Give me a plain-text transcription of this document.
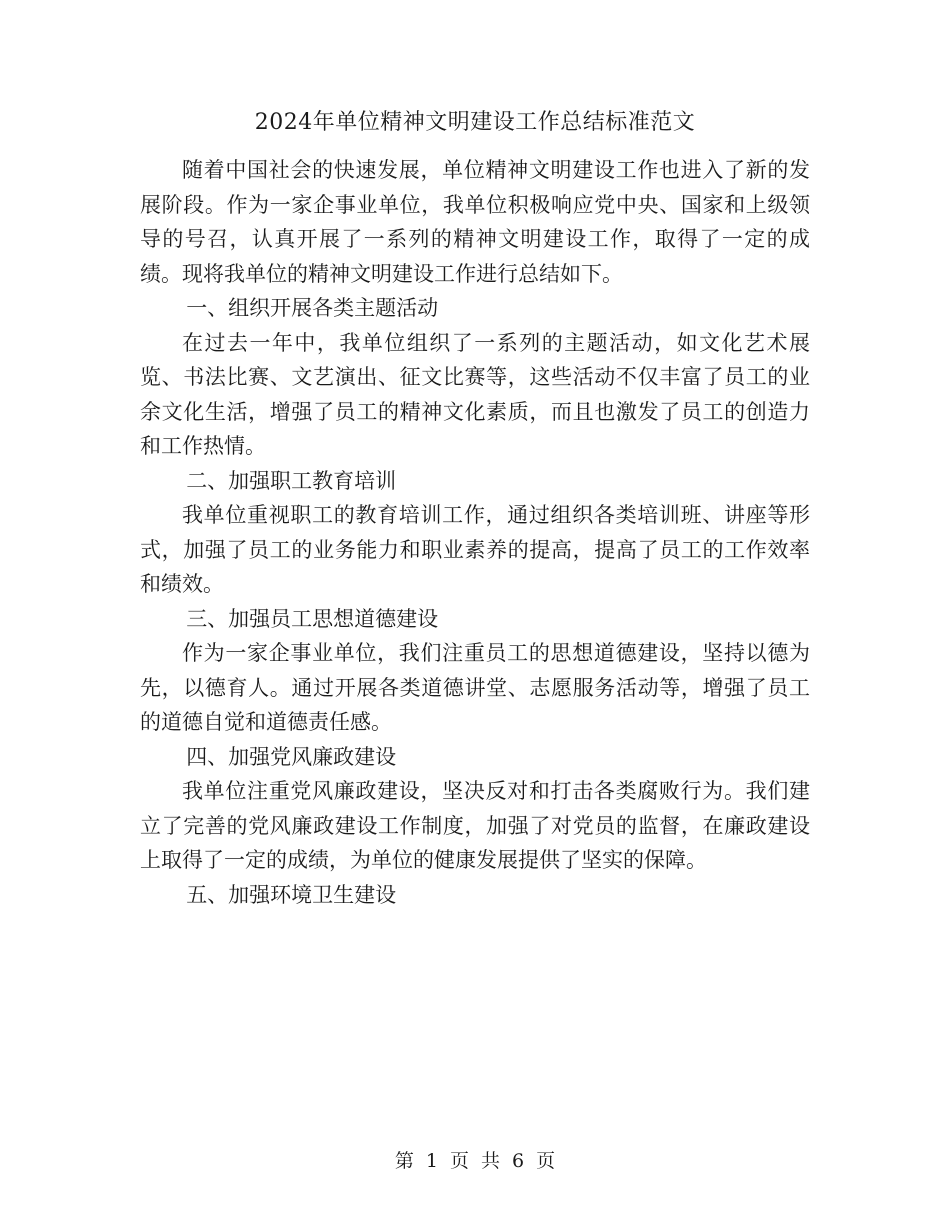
2024年单位精神文明建设工作总结标准范文

随着中国社会的快速发展，单位精神文明建设工作也进入了新的发展阶段。作为一家企事业单位，我单位积极响应党中央、国家和上级领导的号召，认真开展了一系列的精神文明建设工作，取得了一定的成绩。现将我单位的精神文明建设工作进行总结如下。

一、组织开展各类主题活动

在过去一年中，我单位组织了一系列的主题活动，如文化艺术展览、书法比赛、文艺演出、征文比赛等，这些活动不仅丰富了员工的业余文化生活，增强了员工的精神文化素质，而且也激发了员工的创造力和工作热情。

二、加强职工教育培训

我单位重视职工的教育培训工作，通过组织各类培训班、讲座等形式，加强了员工的业务能力和职业素养的提高，提高了员工的工作效率和绩效。

三、加强员工思想道德建设

作为一家企事业单位，我们注重员工的思想道德建设，坚持以德为先，以德育人。通过开展各类道德讲堂、志愿服务活动等，增强了员工的道德自觉和道德责任感。

四、加强党风廉政建设

我单位注重党风廉政建设，坚决反对和打击各类腐败行为。我们建立了完善的党风廉政建设工作制度，加强了对党员的监督，在廉政建设上取得了一定的成绩，为单位的健康发展提供了坚实的保障。

五、加强环境卫生建设

第 1 页 共 6 页
